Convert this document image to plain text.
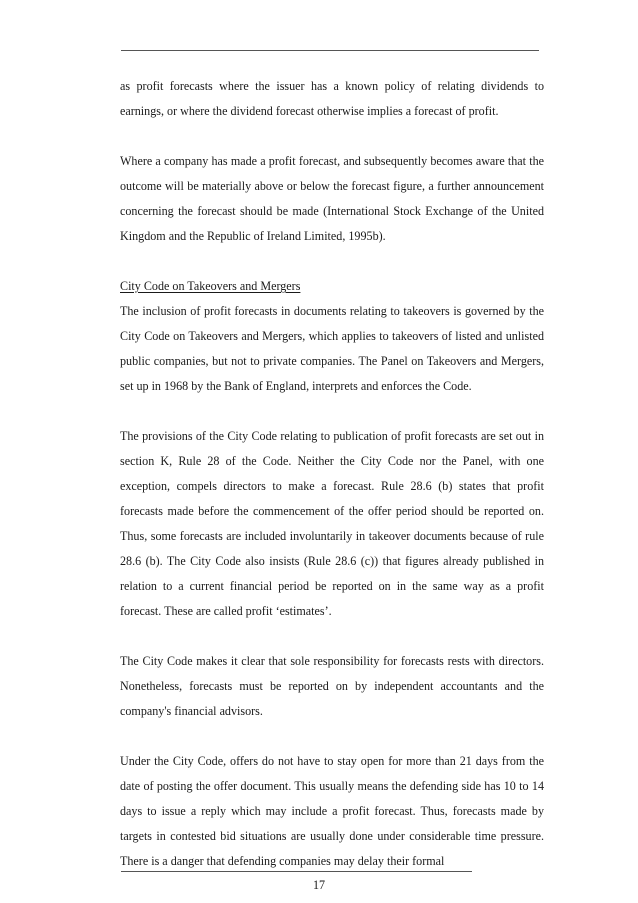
as profit forecasts where the issuer has a known policy of relating dividends to earnings, or where the dividend forecast otherwise implies a forecast of profit.

Where a company has made a profit forecast, and subsequently becomes aware that the outcome will be materially above or below the forecast figure, a further announcement concerning the forecast should be made (International Stock Exchange of the United Kingdom and the Republic of Ireland Limited, 1995b).

City Code on Takeovers and Mergers

The inclusion of profit forecasts in documents relating to takeovers is governed by the City Code on Takeovers and Mergers, which applies to takeovers of listed and unlisted public companies, but not to private companies. The Panel on Takeovers and Mergers, set up in 1968 by the Bank of England, interprets and enforces the Code.

The provisions of the City Code relating to publication of profit forecasts are set out in section K, Rule 28 of the Code. Neither the City Code nor the Panel, with one exception, compels directors to make a forecast. Rule 28.6 (b) states that profit forecasts made before the commencement of the offer period should be reported on. Thus, some forecasts are included involuntarily in takeover documents because of rule 28.6 (b). The City Code also insists (Rule 28.6 (c)) that figures already published in relation to a current financial period be reported on in the same way as a profit forecast. These are called profit ‘estimates’.

The City Code makes it clear that sole responsibility for forecasts rests with directors. Nonetheless, forecasts must be reported on by independent accountants and the company's financial advisors.

Under the City Code, offers do not have to stay open for more than 21 days from the date of posting the offer document. This usually means the defending side has 10 to 14 days to issue a reply which may include a profit forecast. Thus, forecasts made by targets in contested bid situations are usually done under considerable time pressure. There is a danger that defending companies may delay their formal

17
